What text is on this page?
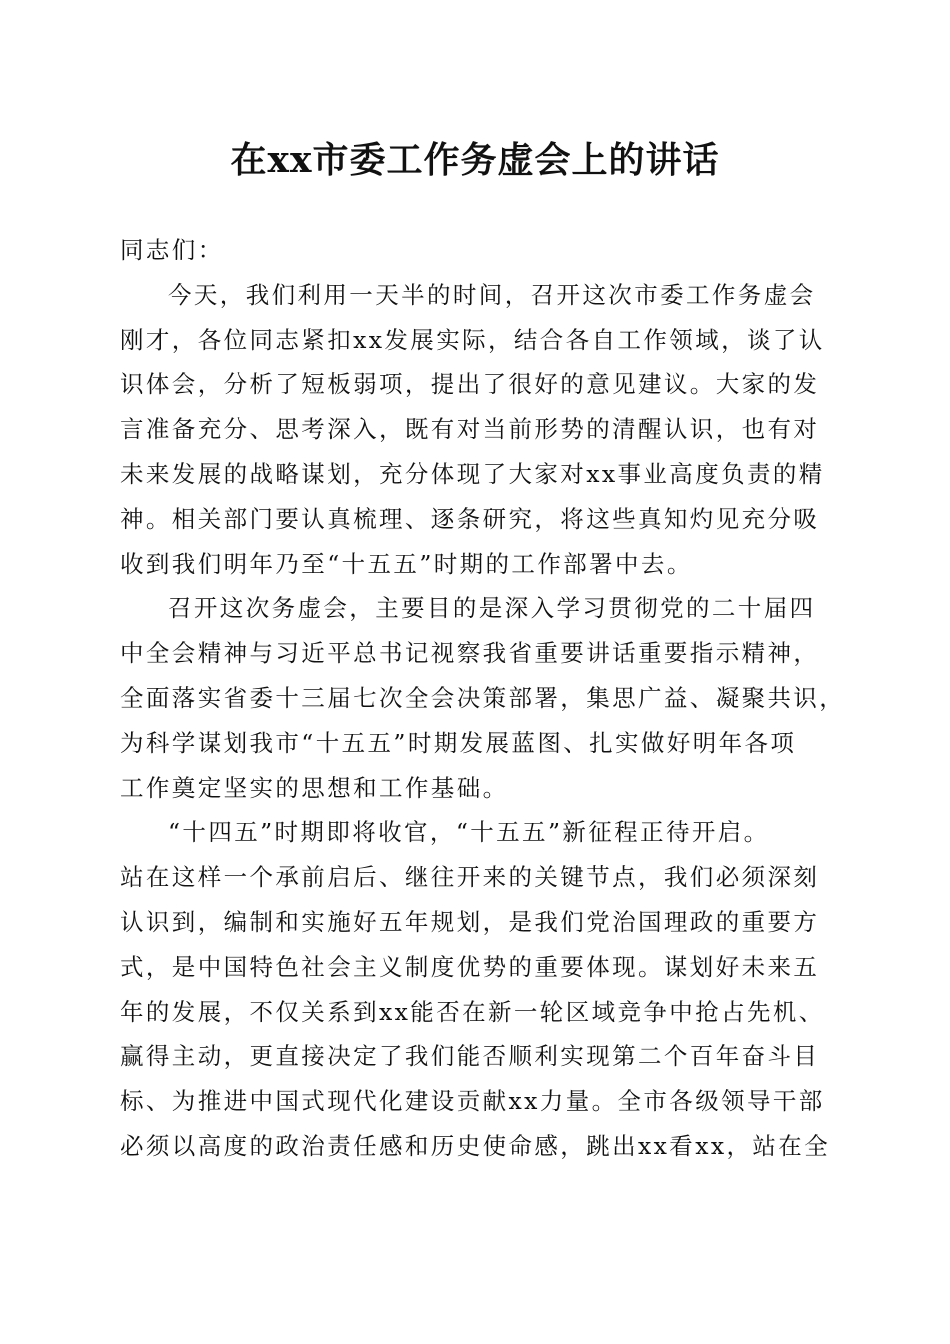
在xx市委工作务虚会上的讲话
同志们：
今天，我们利用一天半的时间，召开这次市委工作务虚会
刚才，各位同志紧扣xx发展实际，结合各自工作领域，谈了认
识体会，分析了短板弱项，提出了很好的意见建议。大家的发
言准备充分、思考深入，既有对当前形势的清醒认识，也有对
未来发展的战略谋划，充分体现了大家对xx事业高度负责的精
神。相关部门要认真梳理、逐条研究，将这些真知灼见充分吸
收到我们明年乃至“十五五”时期的工作部署中去。
召开这次务虚会，主要目的是深入学习贯彻党的二十届四
中全会精神与习近平总书记视察我省重要讲话重要指示精神，
全面落实省委十三届七次全会决策部署，集思广益、凝聚共识，
为科学谋划我市“十五五”时期发展蓝图、扎实做好明年各项
工作奠定坚实的思想和工作基础。
“十四五”时期即将收官，“十五五”新征程正待开启。
站在这样一个承前启后、继往开来的关键节点，我们必须深刻
认识到，编制和实施好五年规划，是我们党治国理政的重要方
式，是中国特色社会主义制度优势的重要体现。谋划好未来五
年的发展，不仅关系到xx能否在新一轮区域竞争中抢占先机、
赢得主动，更直接决定了我们能否顺利实现第二个百年奋斗目
标、为推进中国式现代化建设贡献xx力量。全市各级领导干部
必须以高度的政治责任感和历史使命感，跳出xx看xx，站在全
